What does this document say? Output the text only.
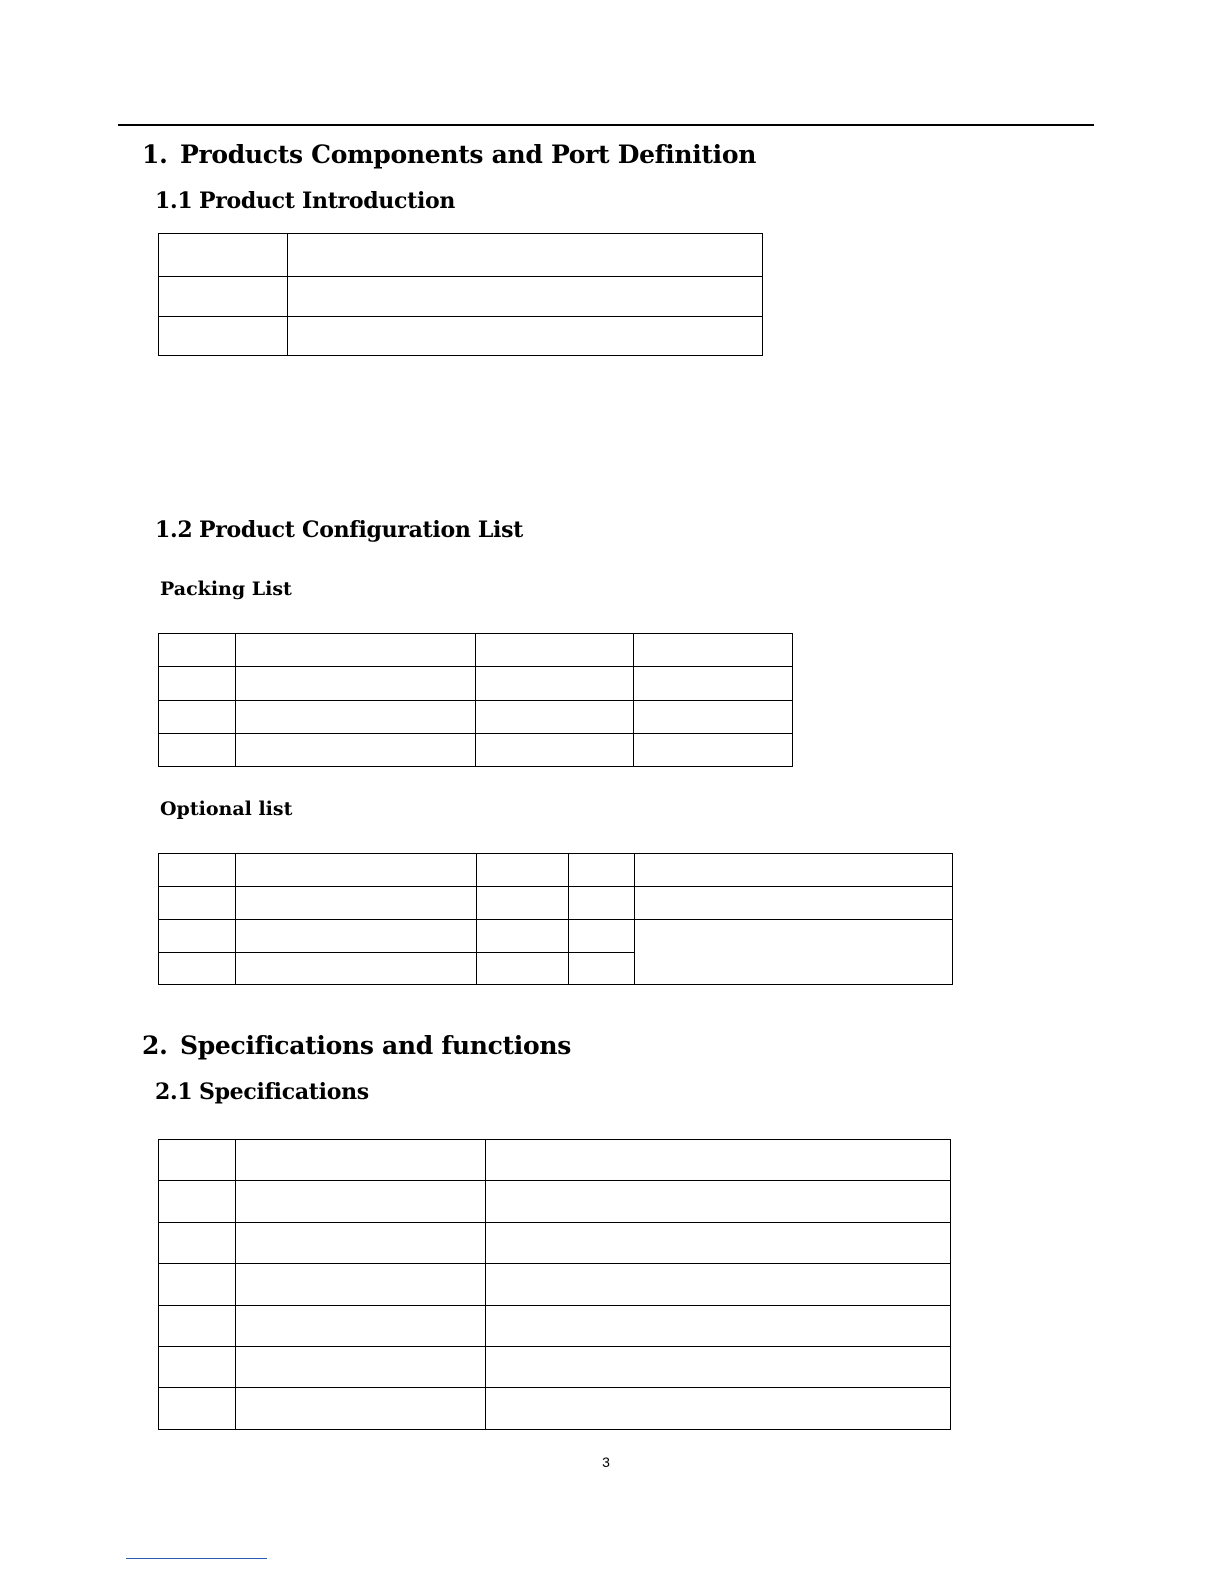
1. Products Components and Port Definition
1.1 Product Introduction

1.2 Product Configuration List
Packing List

Optional list

2. Specifications and functions
2.1 Specifications

3
